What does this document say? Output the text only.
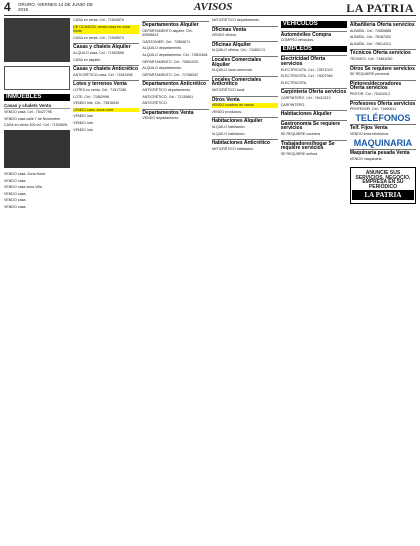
4	ORURO, VIERNES 14 DE JUNIO DE 2019	AVISOS	LA PATRIA
INMUEBLES
Casas y chalets Venta
VENDO casa. Cel.: 75427796
VENDO casa calle 7 de Noviembre
CASA en venta 300 m2. Cel.: 71528891
VENDO casa. Zona Norte
VENDO casa.
VENDO casa zona Villa
VENDO casa.
VENDO casa.
VENDO casa.
CASA en venta. Cel.: 71844576
DE OCASIÓN, vendo casa en zona Norte
CASA en venta. Cel.: 71549074
Casas y chalets Alquiler
ALQUILO casa. Cel.: 71552896
CASA en alquiler.
Casas y chalets Anticrético
ANTICRÉTICO casa. Cel.: 71843208
Lotes y terrenos Venta
LOTES en venta. Cel.: 71517288
LOTE. Cel.: 71862998
VENDO lote. Cel.: 73816540
VENDO casa, zona norte
VENDO lote.
VENDO lote.
VENDO lote.
Departamentos Alquiler
DEPARTAMENTO alquiler. Cel.: 69598813
GARZONIER. Cel.: 72854871
ALQUILO departamento.
ALQUILO departamento. Cel.: 72802484
DEPARTAMENTO. Cel.: 70561025
ALQUILO departamento.
DEPARTAMENTO. Cel.: 71768342
Departamentos Anticrético
ANTICRÉTICO departamento.
ANTICRÉTICO. Cel.: 72135881
ANTICRÉTICO.
Departamentos Venta
VENDO departamento.
ANTICRÉTICO departamento.
Oficinas Venta
VENDO oficina.
Oficinas Alquiler
ALQUILO oficina. Cel.: 74380174
Locales Comerciales Alquiler
ALQUILO local comercial.
Locales Comerciales Anticrético
ANTICRÉTICO local.
Otros Venta
VENDO cuadros de varios
VENDO productos.
Habitaciones Alquiler
ALQUILO habitación.
ALQUILO habitación.
Habitaciones Anticrético
ANTICRÉTICO habitación.
VEHÍCULOS
Automóviles Compra
COMPRO vehículos.
EMPLEOS
Electricidad Oferta servicios
ELECTRICISTA. Cel.: 72871023
ELECTRICISTA. Cel.: 74007946
ELECTRICISTA.
Carpintería Oferta servicios
CARPINTERO. Cel.: 76412213
CARPINTERO.
Habitaciones Alquiler
Gastronomía Se requiere servicios
SE REQUIERE cocinera.
Trabajadores/hogar Se requiere servicios
SE REQUIERE señora.
Albañilería Oferta servicios
ALBAÑIL. Cel.: 72855888
ALBAÑIL. Cel.: 76187402
ALBAÑIL. Cel.: 76614114
Técnicos Oferta servicios
TÉCNICO. Cel.: 71881050
Otros Se requiere servicios
SE REQUIERE personal.
Pintores/decoradores Oferta servicios
PINTOR. Cel.: 75424313
Profesores Oferta servicios
PROFESOR. Cel.: 71660611
TELÉFONOS
Telf. Fijos Venta
VENDO línea telefónica.
MAQUINARIA
Maquinaria pesada Venta
VENDO maquinaria.
ANUNCIE SUS SERVICIOS, NEGOCIO, EMPRESA EN SU PERIÓDICO
LA PATRIA
